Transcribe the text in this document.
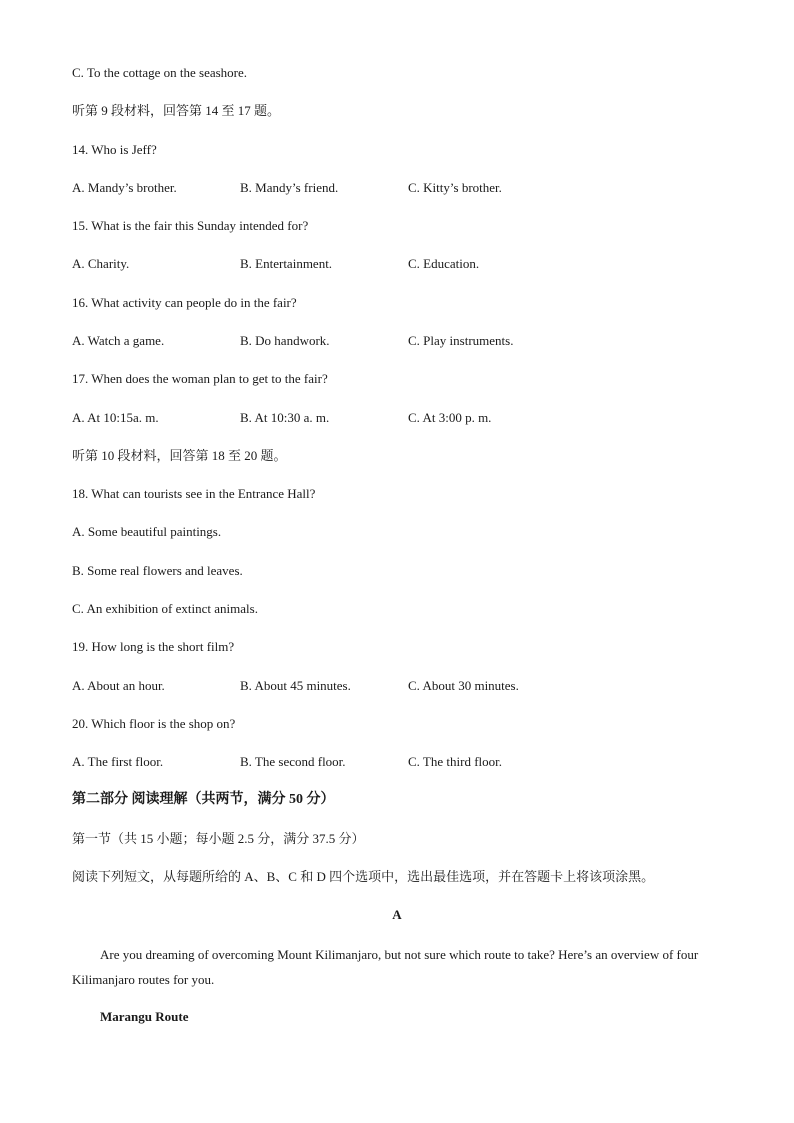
C. To the cottage on the seashore.
听第 9 段材料，回答第 14 至 17 题。
14. Who is Jeff?
A. Mandy’s brother.	B. Mandy’s friend.	C. Kitty’s brother.
15. What is the fair this Sunday intended for?
A. Charity.	B. Entertainment.	C. Education.
16. What activity can people do in the fair?
A. Watch a game.	B. Do handwork.	C. Play instruments.
17. When does the woman plan to get to the fair?
A. At 10:15a. m.	B. At 10:30 a. m.	C. At 3:00 p. m.
听第 10 段材料，回答第 18 至 20 题。
18. What can tourists see in the Entrance Hall?
A. Some beautiful paintings.
B. Some real flowers and leaves.
C. An exhibition of extinct animals.
19. How long is the short film?
A. About an hour.	B. About 45 minutes.	C. About 30 minutes.
20. Which floor is the shop on?
A. The first floor.	B. The second floor.	C. The third floor.
第二部分 阅读理解（共两节，满分 50 分）
第一节（共 15 小题；每小题 2.5 分，满分 37.5 分）
阅读下列短文，从每题所给的 A、B、C 和 D 四个选项中，选出最佳选项，并在答题卡上将该项涂黑。
A
Are you dreaming of overcoming Mount Kilimanjaro, but not sure which route to take? Here’s an overview of four Kilimanjaro routes for you.
Marangu Route
